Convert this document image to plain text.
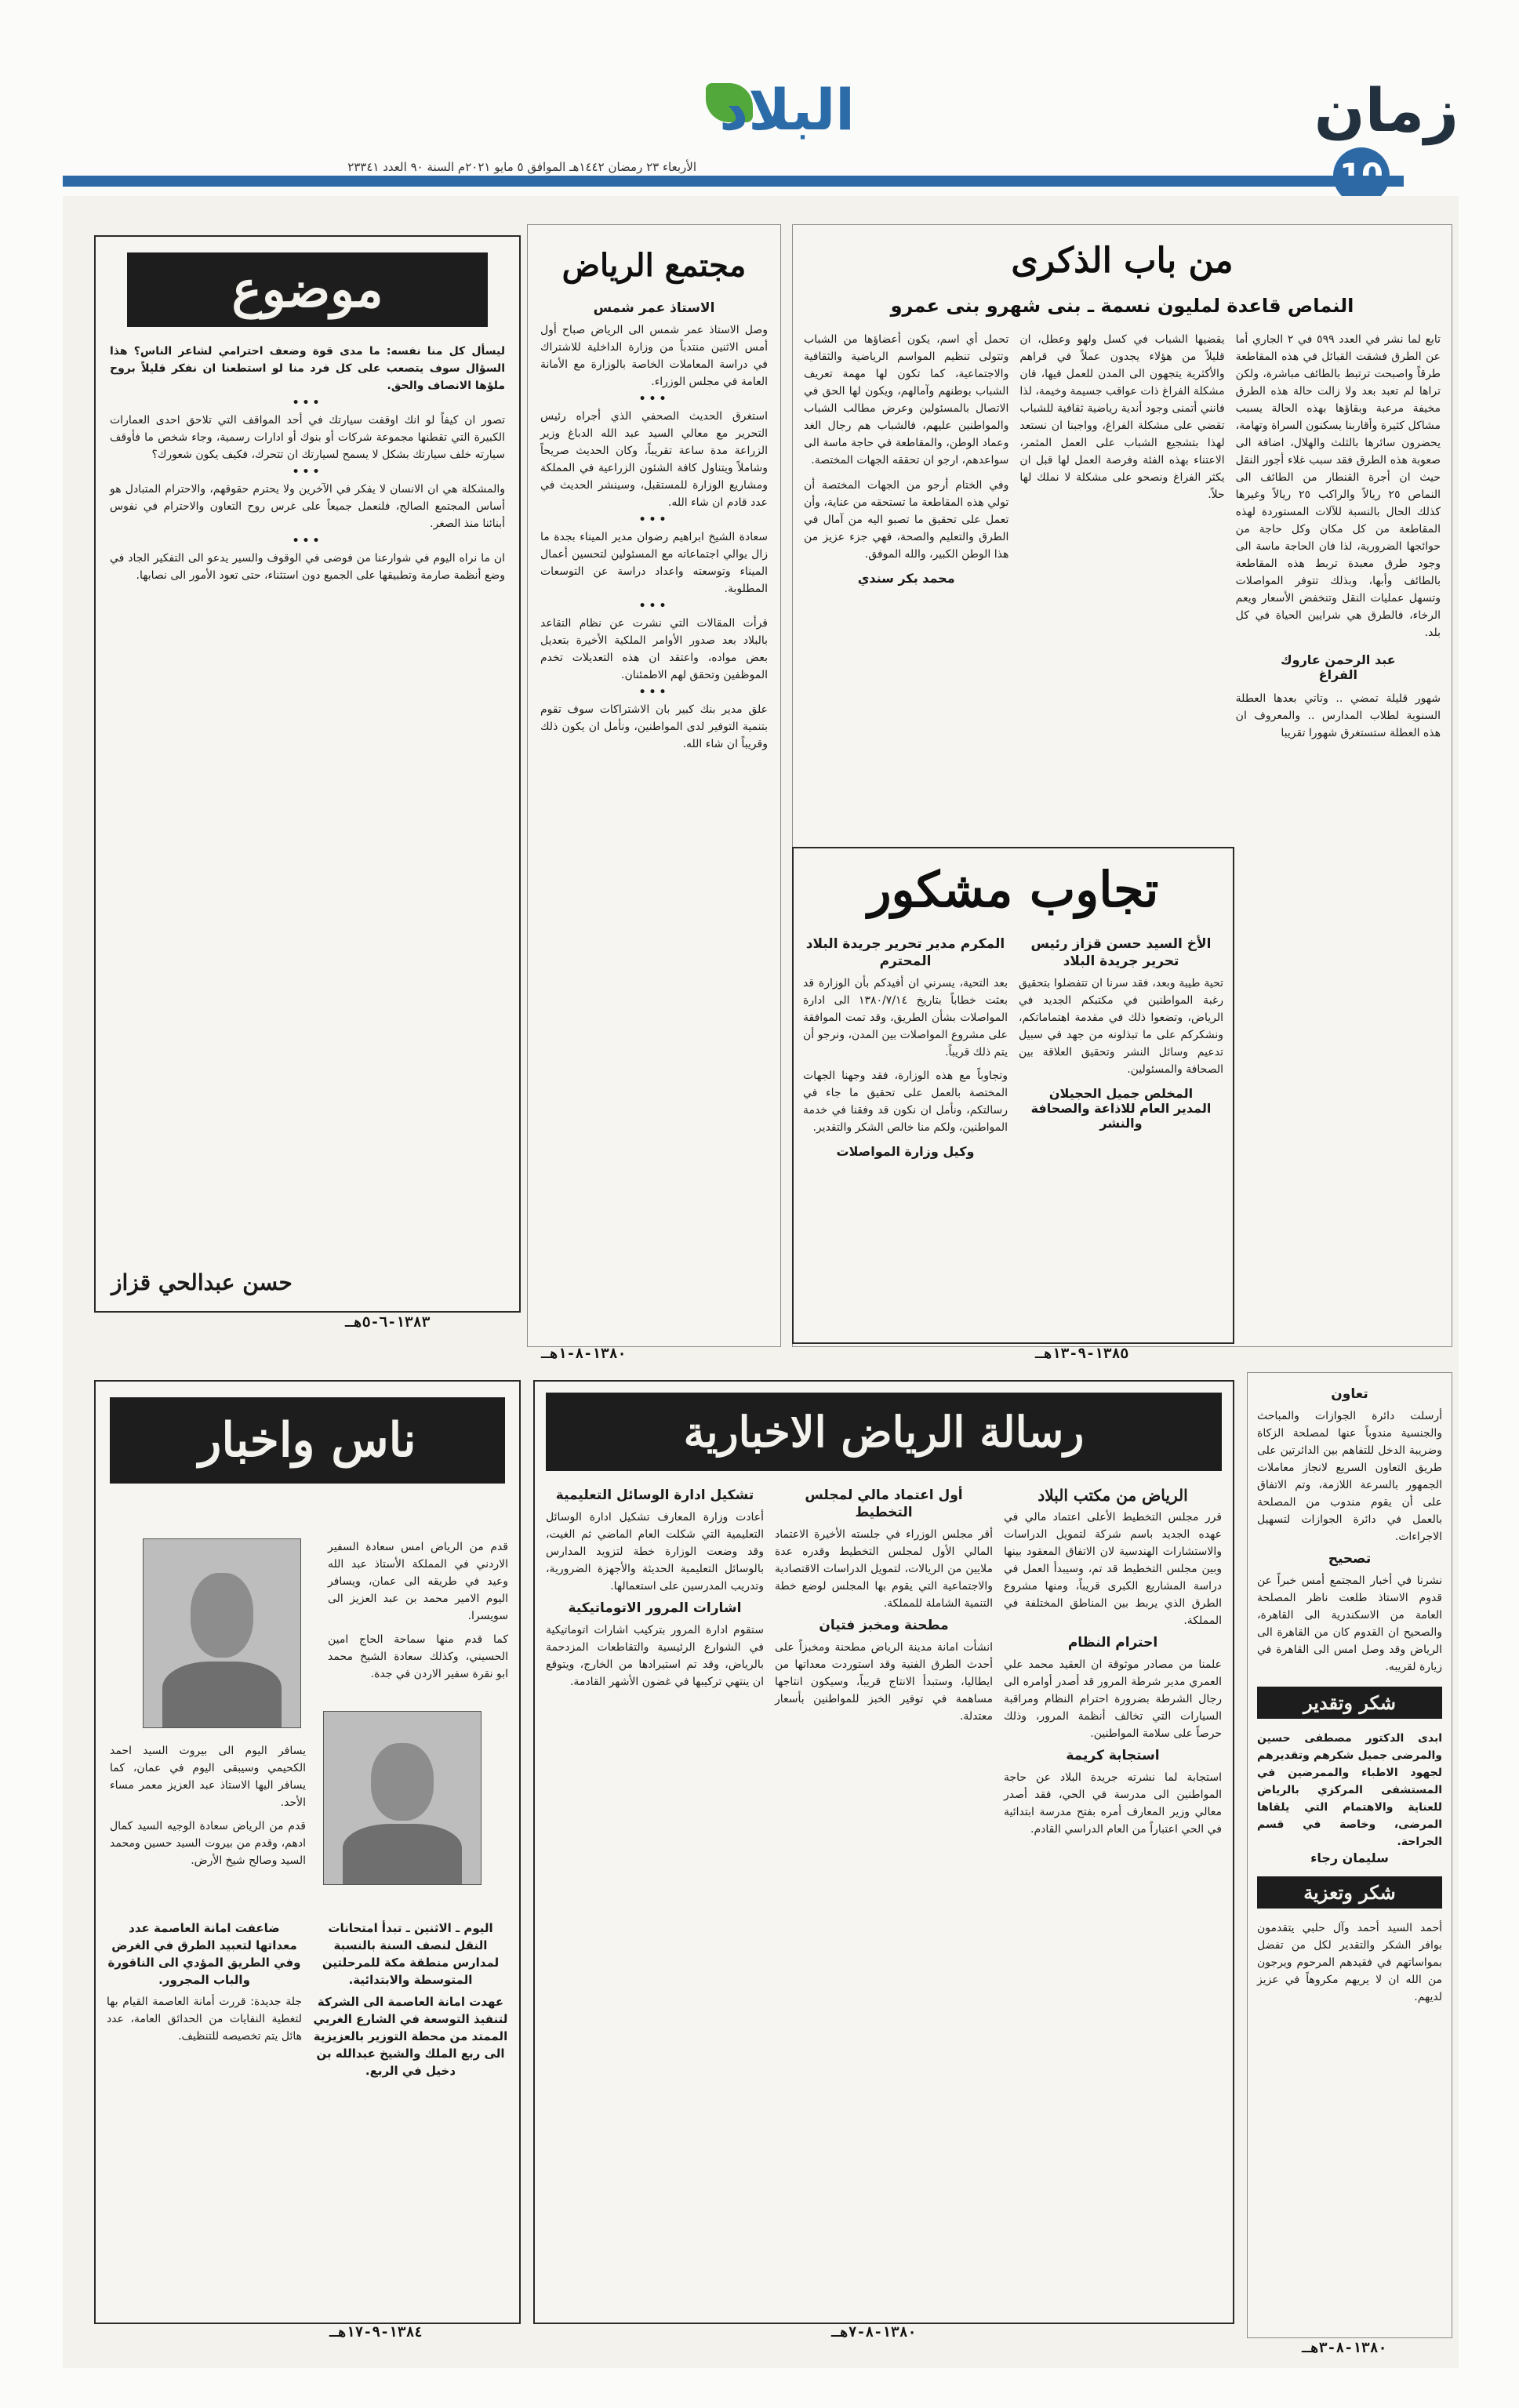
زمان
البلاد
الأربعاء ٢٣ رمضان ١٤٤٢هـ الموافق ٥ مايو ٢٠٢١م السنة ٩٠ العدد ٢٣٣٤١
من باب الذكرى
النماص قاعدة لمليون نسمة ـ بنى شهرو بنى عمرو
تابع لما نشر في العدد ٥٩٩ في ٢ الجاري أما عن الطرق فشقت القبائل في هذه المقاطعة طرقاً واصبحت ترتبط بالطائف مباشرة، ولكن تراها لم تعبد بعد ولا زالت حالة هذه الطرق مخيفة مرعبة وبقاؤها بهذه الحالة يسبب مشاكل كثيرة وأقاربنا يسكنون السراة وتهامة، يحضرون سائرها بالثلث والهلال، اضافة الى صعوبة هذه الطرق فقد سبب غلاء أجور النقل حيث ان أجرة القنطار من الطائف الى النماص ٢٥ ريالاً والراكب ٢٥ ريالاً وغيرها كذلك الحال بالنسبة للآلات المستوردة لهذه المقاطعة من كل مكان وكل حاجة من حوائجها الضرورية، لذا فان الحاجة ماسة الى وجود طرق معبدة تربط هذه المقاطعة بالطائف وأبها، وبذلك تتوفر المواصلات وتسهل عمليات النقل وتنخفض الأسعار ويعم الرخاء، فالطرق هي شرايين الحياة في كل بلد.
عبد الرحمن عاروك
الفراغ
شهور قليلة تمضي .. وتاتي بعدها العطلة السنوية لطلاب المدارس .. والمعروف ان هذه العطلة ستستغرق شهورا تقريبا
يقضيها الشباب في كسل ولهو وعطل، ان قليلاً من هؤلاء يجدون عملاً في قراهم والأكثرية يتجهون الى المدن للعمل فيها، فان مشكلة الفراغ ذات عواقب جسيمة وخيمة، لذا فانني أتمنى وجود أندية رياضية ثقافية للشباب تقضي على مشكلة الفراغ، وواجبنا ان نستعد لهذا بتشجيع الشباب على العمل المثمر، الاعتناء بهذه الفئة وفرصة العمل لها قبل ان يكثر الفراغ ونصحو على مشكلة لا نملك لها حلاً.
تحمل أي اسم، يكون أعضاؤها من الشباب وتتولى تنظيم المواسم الرياضية والثقافية والاجتماعية، كما تكون لها مهمة تعريف الشباب بوطنهم وآمالهم، ويكون لها الحق في الاتصال بالمسئولين وعرض مطالب الشباب والمواطنين عليهم، فالشباب هم رجال الغد وعماد الوطن، والمقاطعة في حاجة ماسة الى سواعدهم، ارجو ان تحققه الجهات المختصة.
وفي الختام أرجو من الجهات المختصة أن تولي هذه المقاطعة ما تستحقه من عناية، وأن تعمل على تحقيق ما تصبو اليه من آمال في الطرق والتعليم والصحة، فهي جزء عزيز من هذا الوطن الكبير، والله الموفق.
محمد بكر سندي
تجاوب مشكور
الأخ السيد حسن قزاز رئيس تحرير جريدة البلاد
تحية طيبة وبعد، فقد سرنا ان تتفضلوا بتحقيق رغبة المواطنين في مكتبكم الجديد في الرياض، وتضعوا ذلك في مقدمة اهتماماتكم، ونشكركم على ما تبذلونه من جهد في سبيل تدعيم وسائل النشر وتحقيق العلاقة بين الصحافة والمسئولين.
المخلص جميل الحجيلان
المدير العام للاذاعة والصحافة والنشر
المكرم مدير تحرير جريدة البلاد المحترم
بعد التحية، يسرني ان أفيدكم بأن الوزارة قد بعثت خطاباً بتاريخ ١٣٨٠/٧/١٤ الى ادارة المواصلات بشأن الطريق، وقد تمت الموافقة على مشروع المواصلات بين المدن، ونرجو أن يتم ذلك قريباً.
وتجاوباً مع هذه الوزارة، فقد وجهنا الجهات المختصة بالعمل على تحقيق ما جاء في رسالتكم، ونأمل ان نكون قد وفقنا في خدمة المواطنين، ولكم منا خالص الشكر والتقدير.
وكيل وزارة المواصلات
١٣٨٥-٩-١٣هـ
مجتمع الرياض
الاستاذ عمر شمس
وصل الاستاذ عمر شمس الى الرياض صباح أول أمس الاثنين منتدباً من وزارة الداخلية للاشتراك في دراسة المعاملات الخاصة بالوزارة مع الأمانة العامة في مجلس الوزراء.
•••
استغرق الحديث الصحفي الذي أجراه رئيس التحرير مع معالي السيد عبد الله الدباغ وزير الزراعة مدة ساعة تقريباً، وكان الحديث صريحاً وشاملاً ويتناول كافة الشئون الزراعية في المملكة ومشاريع الوزارة للمستقبل، وسينشر الحديث في عدد قادم ان شاء الله.
•••
سعادة الشيخ ابراهيم رضوان مدير الميناء بجدة ما زال يوالي اجتماعاته مع المسئولين لتحسين أعمال الميناء وتوسعته واعداد دراسة عن التوسعات المطلوبة.
•••
قرأت المقالات التي نشرت عن نظام التقاعد بالبلاد بعد صدور الأوامر الملكية الأخيرة بتعديل بعض مواده، واعتقد ان هذه التعديلات تخدم الموظفين وتحقق لهم الاطمئنان.
•••
علق مدير بنك كبير بان الاشتراكات سوف تقوم بتنمية التوفير لدى المواطنين، ونأمل ان يكون ذلك وقريباً ان شاء الله.
١٣٨٠-٨-١هـ
موضوع
ليسأل كل منا نفسه: ما مدى قوة وضعف احترامي لشاعر الناس؟ هذا السؤال سوف يتصعب على كل فرد منا لو استطعنا ان نفكر قليلاً بروح ملؤها الانصاف والحق.
•••
تصور ان كيفاً لو انك اوقفت سيارتك في أحد المواقف التي تلاحق احدى العمارات الكبيرة التي تقطنها مجموعة شركات أو بنوك أو ادارات رسمية، وجاء شخص ما فأوقف سيارته خلف سيارتك بشكل لا يسمح لسيارتك ان تتحرك، فكيف يكون شعورك؟
•••
والمشكلة هي ان الانسان لا يفكر في الآخرين ولا يحترم حقوقهم، والاحترام المتبادل هو أساس المجتمع الصالح، فلنعمل جميعاً على غرس روح التعاون والاحترام في نفوس أبنائنا منذ الصغر.
•••
ان ما نراه اليوم في شوارعنا من فوضى في الوقوف والسير يدعو الى التفكير الجاد في وضع أنظمة صارمة وتطبيقها على الجميع دون استثناء، حتى تعود الأمور الى نصابها.
حسن عبدالحي قزاز
١٣٨٣-٦-٥هـ
تعاون
أرسلت دائرة الجوازات والمباحث والجنسية مندوباً عنها لمصلحة الزكاة وضريبة الدخل للتفاهم بين الدائرتين على طريق التعاون السريع لانجاز معاملات الجمهور بالسرعة اللازمة، وتم الاتفاق على أن يقوم مندوب من المصلحة بالعمل في دائرة الجوازات لتسهيل الاجراءات.
تصحيح
نشرنا في أخبار المجتمع أمس خبراً عن قدوم الاستاذ طلعت ناظر المصلحة العامة من الاسكندرية الى القاهرة، والصحيح ان القدوم كان من القاهرة الى الرياض وقد وصل امس الى القاهرة في زيارة لقريبه.
شكر وتقدير
ابدى الدكتور مصطفى حسين والمرضى جميل شكرهم وتقديرهم لجهود الاطباء والممرضين في المستشفى المركزي بالرياض للعناية والاهتمام التي يلقاها المرضى، وخاصة في قسم الجراحة.
سليمان رجاء
شكر وتعزية
أحمد السيد أحمد وآل حلبي يتقدمون بوافر الشكر والتقدير لكل من تفضل بمواساتهم في فقيدهم المرحوم ويرجون من الله ان لا يريهم مكروهاً في عزيز لديهم.
١٣٨٠-٨-٣هـ
رسالة الرياض الاخبارية
الرياض من مكتب البلاد
قرر مجلس التخطيط الأعلى اعتماد مالي في عهده الجديد باسم شركة لتمويل الدراسات والاستشارات الهندسية لان الاتفاق المعقود بينها وبين مجلس التخطيط قد تم، وسيبدأ العمل في دراسة المشاريع الكبرى قريباً، ومنها مشروع الطرق الذي يربط بين المناطق المختلفة في المملكة.
احترام النظام
علمنا من مصادر موثوقة ان العقيد محمد علي العمري مدير شرطة المرور قد أصدر أوامره الى رجال الشرطة بضرورة احترام النظام ومراقبة السيارات التي تخالف أنظمة المرور، وذلك حرصاً على سلامة المواطنين.
استجابة كريمة
استجابة لما نشرته جريدة البلاد عن حاجة المواطنين الى مدرسة في الحي، فقد أصدر معالي وزير المعارف أمره بفتح مدرسة ابتدائية في الحي اعتباراً من العام الدراسي القادم.
أول اعتماد مالي لمجلس التخطيط
أقر مجلس الوزراء في جلسته الأخيرة الاعتماد المالي الأول لمجلس التخطيط وقدره عدة ملايين من الريالات، لتمويل الدراسات الاقتصادية والاجتماعية التي يقوم بها المجلس لوضع خطة التنمية الشاملة للمملكة.
مطحنة ومخبز فتيان
انشأت امانة مدينة الرياض مطحنة ومخبزاً على أحدث الطرق الفنية وقد استوردت معداتها من ايطاليا، وستبدأ الانتاج قريباً، وسيكون انتاجها مساهمة في توفير الخبز للمواطنين بأسعار معتدلة.
تشكيل ادارة الوسائل التعليمية
أعادت وزارة المعارف تشكيل ادارة الوسائل التعليمية التي شكلت العام الماضي ثم الغيت، وقد وضعت الوزارة خطة لتزويد المدارس بالوسائل التعليمية الحديثة والأجهزة الضرورية، وتدريب المدرسين على استعمالها.
اشارات المرور الاتوماتيكية
ستقوم ادارة المرور بتركيب اشارات اتوماتيكية في الشوارع الرئيسية والتقاطعات المزدحمة بالرياض، وقد تم استيرادها من الخارج، ويتوقع ان ينتهي تركيبها في غضون الأشهر القادمة.
١٣٨٠-٨-٧هـ
ناس واخبار
قدم من الرياض امس سعادة السفير الاردني في المملكة الأستاذ عبد الله وعيد في طريقه الى عمان، ويسافر اليوم الامير محمد بن عبد العزيز الى سويسرا.
كما قدم منها سماحة الحاج امين الحسيني، وكذلك سعادة الشيخ محمد ابو نقرة سفير الاردن في جدة.
يسافر اليوم الى بيروت السيد احمد الكحيمي وسيبقى اليوم في عمان، كما يسافر اليها الاستاذ عبد العزيز معمر مساء الأحد.
قدم من الرياض سعادة الوجيه السيد كمال ادهم، وقدم من بيروت السيد حسين ومحمد السيد وصالح شيخ الأرض.
اليوم ـ الاثنين ـ تبدأ امتحانات النقل لنصف السنة بالنسبة لمدارس منطقة مكة للمرحلتين المتوسطة والابتدائية.
عهدت امانة العاصمة الى الشركة لتنفيذ التوسعة في الشارع الغربي الممتد من محطة التوزير بالعزيزية الى ربع الملك والشيخ عبدالله بن دخيل في الربع.
ضاعفت امانة العاصمة عدد معداتها لتعبيد الطرق في الغرض وفي الطريق المؤدي الى الناقورة والباب المجرور.
جلة جديدة: قررت أمانة العاصمة القيام بها لتغطية النفايات من الحدائق العامة، عدد هائل يتم تخصيصه للتنظيف.
١٣٨٤-٩-١٧هـ
